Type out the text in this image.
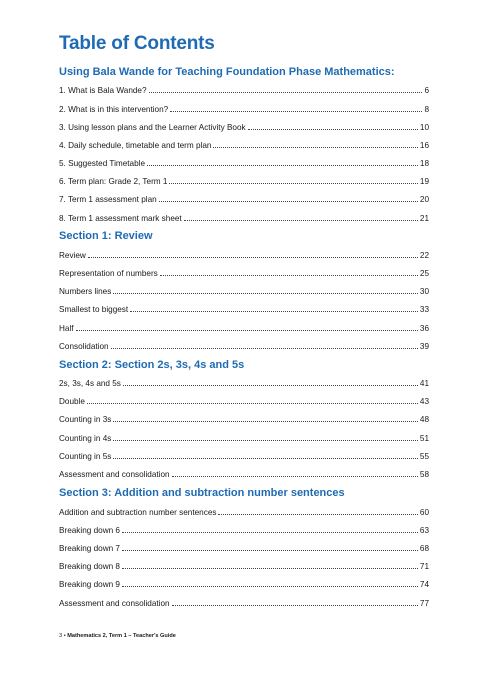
Table of Contents
Using Bala Wande for Teaching Foundation Phase Mathematics:
1. What is Bala Wande?	6
2. What is in this intervention?	8
3. Using lesson plans and the Learner Activity Book	10
4. Daily schedule, timetable and term plan	16
5. Suggested Timetable	18
6. Term plan: Grade 2, Term 1	19
7. Term 1 assessment plan	20
8. Term 1 assessment mark sheet	21
Section 1: Review
Review	22
Representation of numbers	25
Numbers lines	30
Smallest to biggest	33
Half	36
Consolidation	39
Section 2: Section 2s, 3s, 4s and 5s
2s, 3s, 4s and 5s	41
Double	43
Counting in 3s	48
Counting in 4s	51
Counting in 5s	55
Assessment and consolidation	58
Section 3: Addition and subtraction number sentences
Addition and subtraction number sentences	60
Breaking down 6	63
Breaking down 7	68
Breaking down 8	71
Breaking down 9	74
Assessment and consolidation	77
3 • Mathematics 2, Term 1 – Teacher's Guide
